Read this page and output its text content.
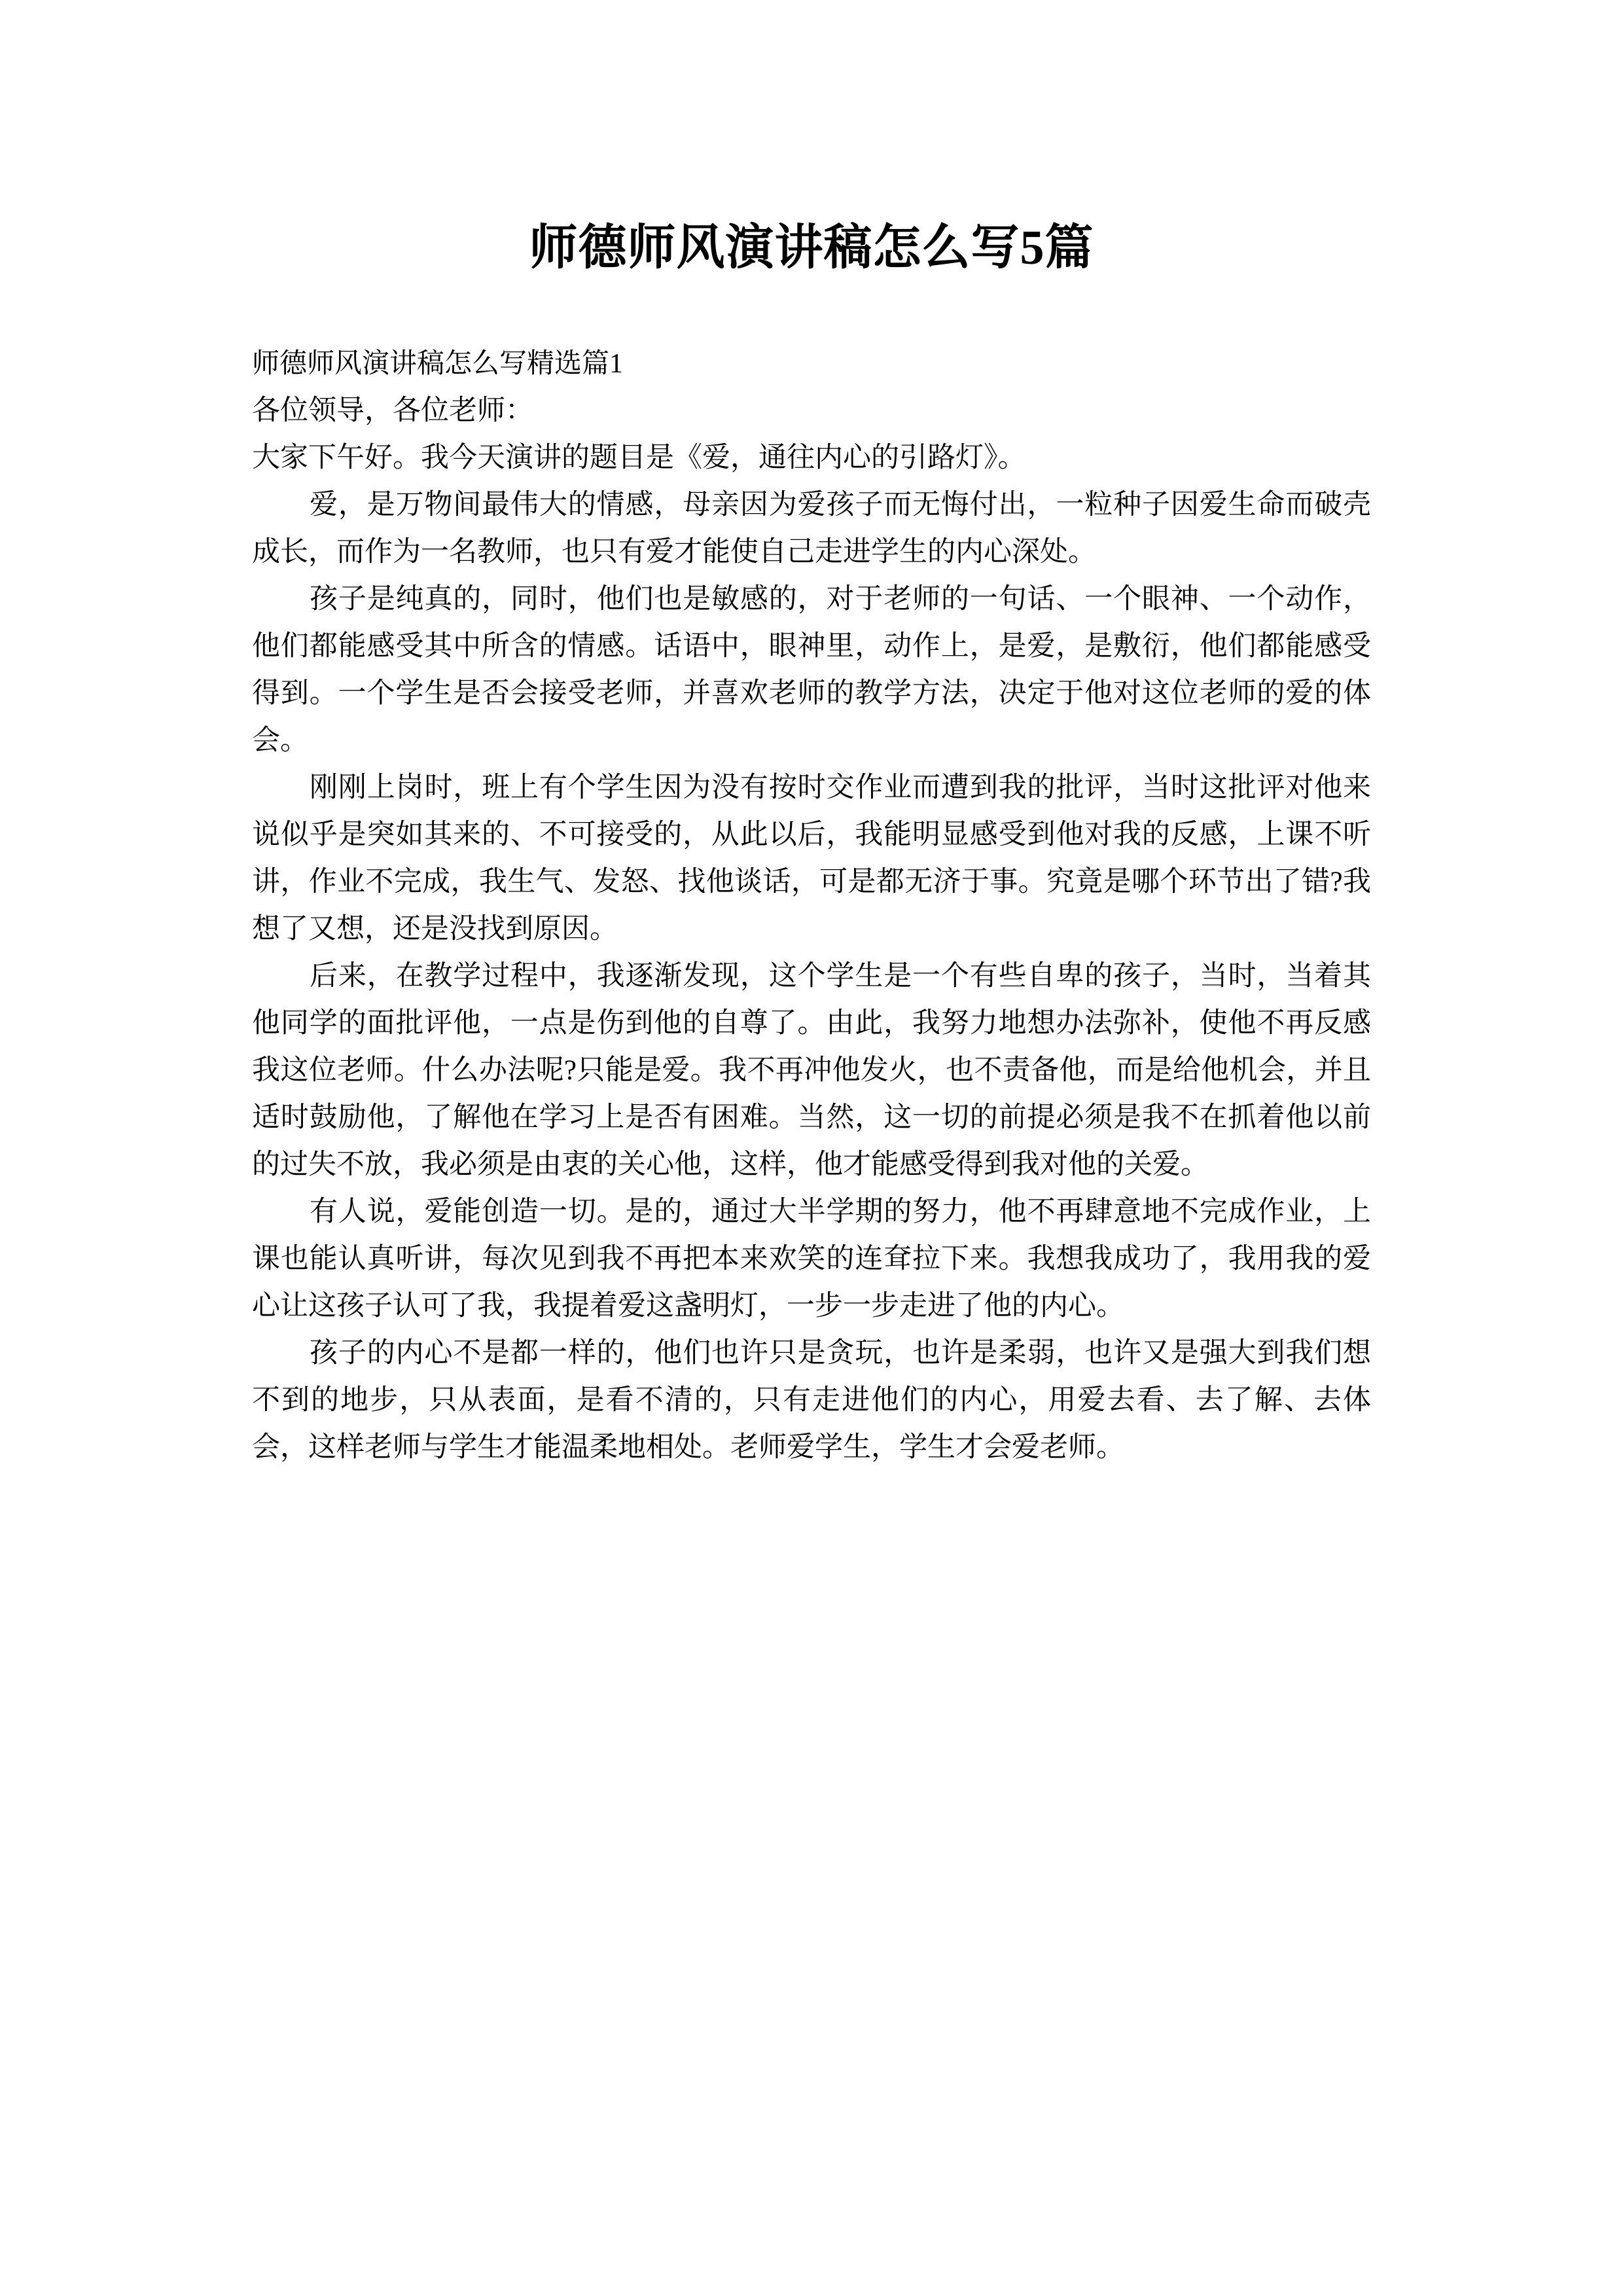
师德师风演讲稿怎么写5篇

师德师风演讲稿怎么写精选篇1

各位领导，各位老师：

大家下午好。我今天演讲的题目是《爱，通往内心的引路灯》。

爱，是万物间最伟大的情感，母亲因为爱孩子而无悔付出，一粒种子因爱生命而破壳成长，而作为一名教师，也只有爱才能使自己走进学生的内心深处。

孩子是纯真的，同时，他们也是敏感的，对于老师的一句话、一个眼神、一个动作，他们都能感受其中所含的情感。话语中，眼神里，动作上，是爱，是敷衍，他们都能感受得到。一个学生是否会接受老师，并喜欢老师的教学方法，决定于他对这位老师的爱的体会。

刚刚上岗时，班上有个学生因为没有按时交作业而遭到我的批评，当时这批评对他来说似乎是突如其来的、不可接受的，从此以后，我能明显感受到他对我的反感，上课不听讲，作业不完成，我生气、发怒、找他谈话，可是都无济于事。究竟是哪个环节出了错?我想了又想，还是没找到原因。

后来，在教学过程中，我逐渐发现，这个学生是一个有些自卑的孩子，当时，当着其他同学的面批评他，一点是伤到他的自尊了。由此，我努力地想办法弥补，使他不再反感我这位老师。什么办法呢?只能是爱。我不再冲他发火，也不责备他，而是给他机会，并且适时鼓励他，了解他在学习上是否有困难。当然，这一切的前提必须是我不在抓着他以前的过失不放，我必须是由衷的关心他，这样，他才能感受得到我对他的关爱。

有人说，爱能创造一切。是的，通过大半学期的努力，他不再肆意地不完成作业，上课也能认真听讲，每次见到我不再把本来欢笑的连耷拉下来。我想我成功了，我用我的爱心让这孩子认可了我，我提着爱这盏明灯，一步一步走进了他的内心。

孩子的内心不是都一样的，他们也许只是贪玩，也许是柔弱，也许又是强大到我们想不到的地步，只从表面，是看不清的，只有走进他们的内心，用爱去看、去了解、去体会，这样老师与学生才能温柔地相处。老师爱学生，学生才会爱老师。
